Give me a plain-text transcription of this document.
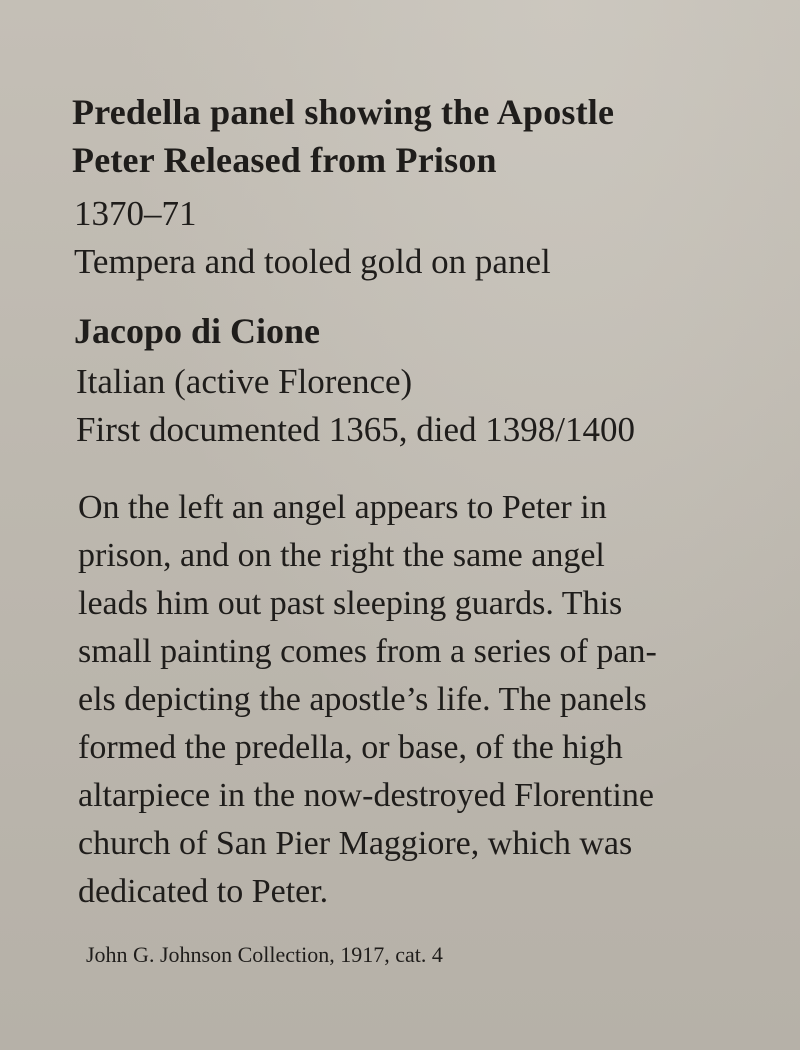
Predella panel showing the Apostle
Peter Released from Prison
1370–71
Tempera and tooled gold on panel
Jacopo di Cione
Italian (active Florence)
First documented 1365, died 1398/1400
On the left an angel appears to Peter in
prison, and on the right the same angel
leads him out past sleeping guards. This
small painting comes from a series of pan-
els depicting the apostle’s life. The panels
formed the predella, or base, of the high
altarpiece in the now-destroyed Florentine
church of San Pier Maggiore, which was
dedicated to Peter.
John G. Johnson Collection, 1917, cat. 4
